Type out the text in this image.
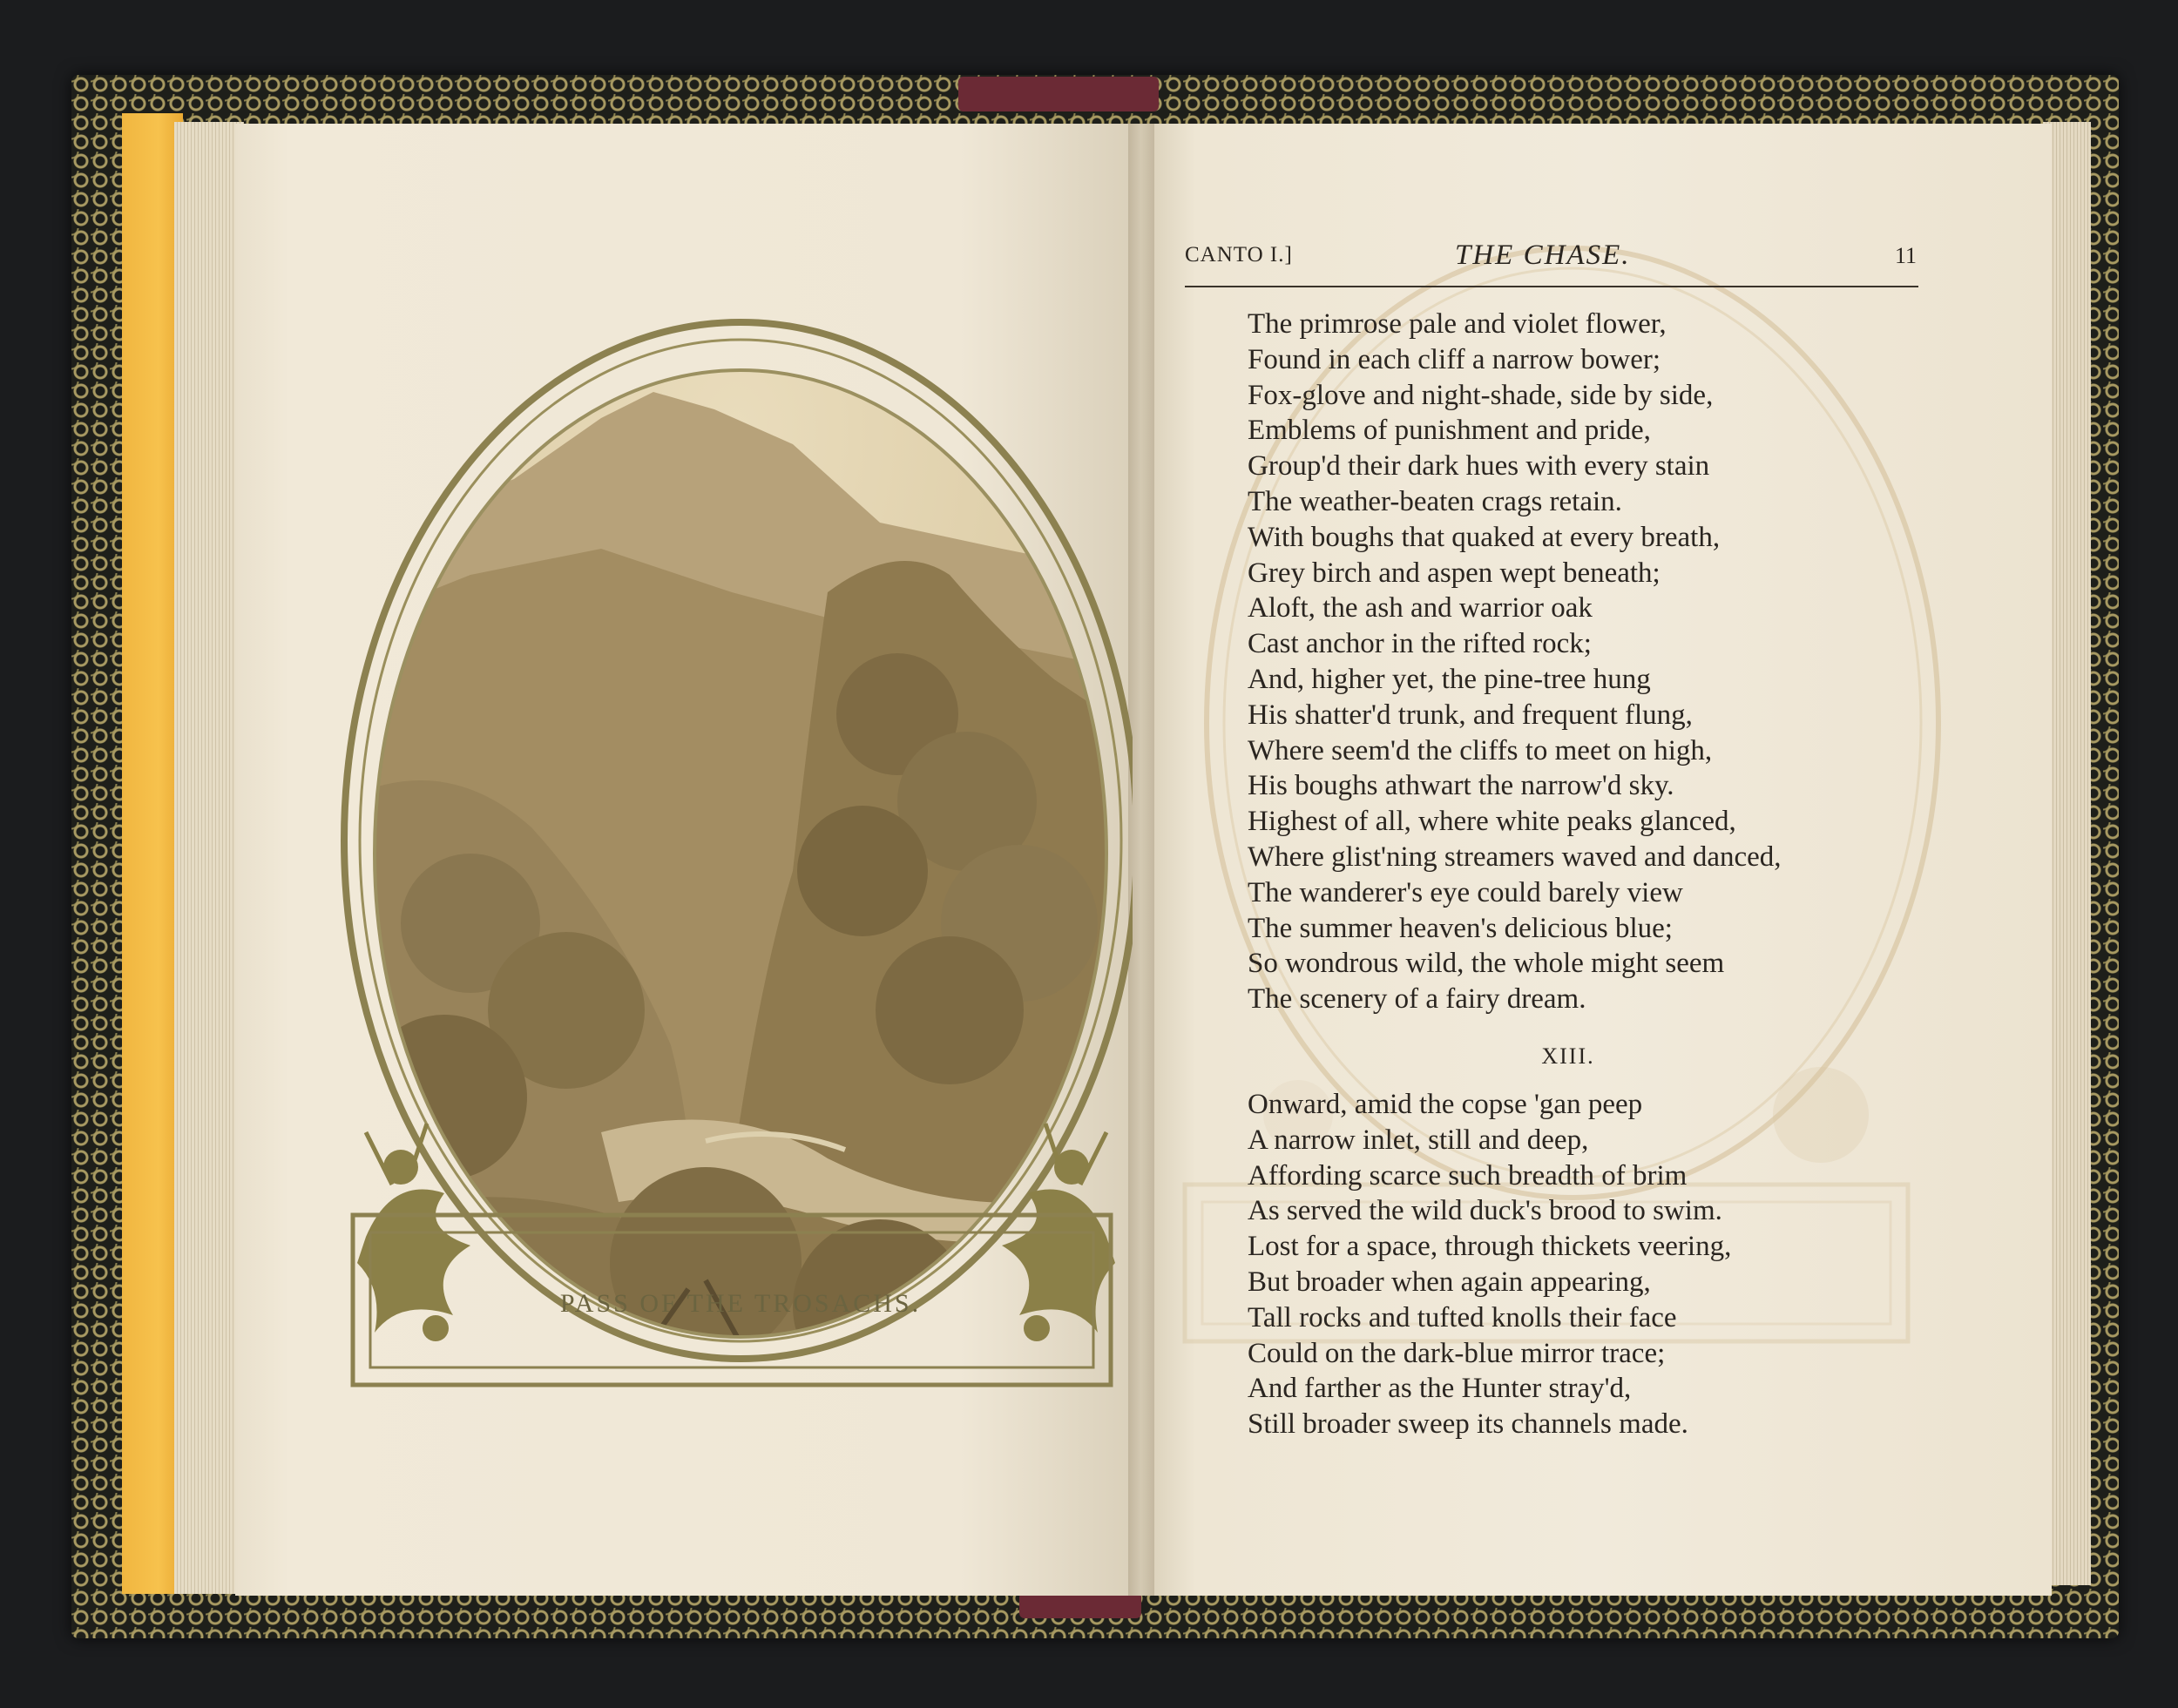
PASS OF THE TROSACHS.
CANTO I.]	THE CHASE.	11
The primrose pale and violet flower,
Found in each cliff a narrow bower;
Fox-glove and night-shade, side by side,
Emblems of punishment and pride,
Group'd their dark hues with every stain
The weather-beaten crags retain.
With boughs that quaked at every breath,
Grey birch and aspen wept beneath;
Aloft, the ash and warrior oak
Cast anchor in the rifted rock;
And, higher yet, the pine-tree hung
His shatter'd trunk, and frequent flung,
Where seem'd the cliffs to meet on high,
His boughs athwart the narrow'd sky.
Highest of all, where white peaks glanced,
Where glist'ning streamers waved and danced,
The wanderer's eye could barely view
The summer heaven's delicious blue;
So wondrous wild, the whole might seem
The scenery of a fairy dream.
XIII.
Onward, amid the copse 'gan peep
A narrow inlet, still and deep,
Affording scarce such breadth of brim
As served the wild duck's brood to swim.
Lost for a space, through thickets veering,
But broader when again appearing,
Tall rocks and tufted knolls their face
Could on the dark-blue mirror trace;
And farther as the Hunter stray'd,
Still broader sweep its channels made.
